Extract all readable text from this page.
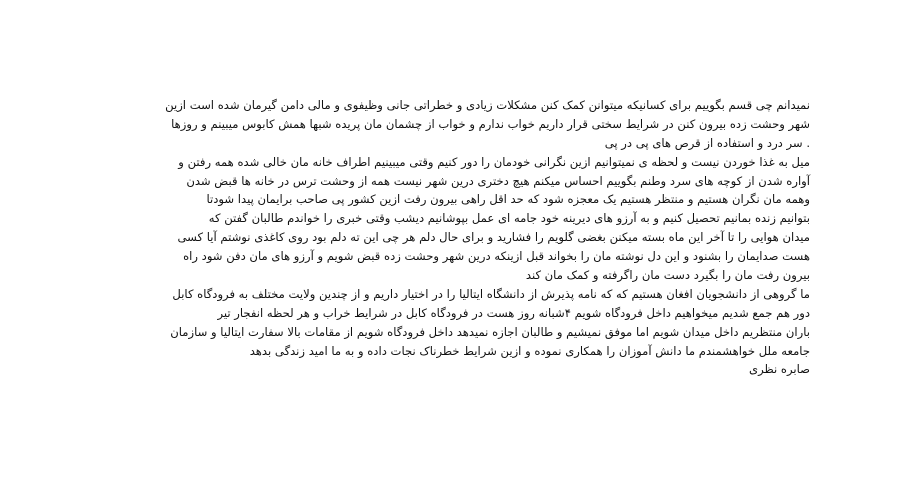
نمیدانم چی قسم بگوییم برای کسانیکه میتوانن کمک کنن مشکلات زیادی و خطراتی جانی وظیفوی و مالی دامن گیرمان شده است ازین
شهر وحشت زده بیرون کنن در شرایط سختی قرار داریم خواب ندارم و خواب از چشمان مان پریده شبها همش کابوس میبینم و روزها
. سر درد و استفاده از قرص های پی در پی
میل به غذا خوردن نیست و لحظه ی نمیتوانیم ازین نگرانی خودمان را دور کنیم وقتی میبینیم اطراف خانه مان خالی شده همه رفتن و
آواره شدن از کوچه های سرد وطنم بگوییم احساس میکنم هیچ دختری درین شهر نیست همه از وحشت ترس در خانه ها قبض شدن
وهمه مان نگران هستیم و منتظر هستیم یک معجزه شود که حد اقل راهی بیرون رفت ازین کشور پی صاحب برایمان پیدا شودتا
بتوانیم زنده بمانیم تحصیل کنیم و به آرزو های دیرینه خود جامه ای عمل بپوشانیم دیشب وقتی خبری را خواندم طالبان گفتن که
میدان هوایی را تا آخر این ماه بسته میکنن بغضی گلویم را فشارید و برای حال دلم هر چی این ته دلم بود روی کاغذی نوشتم آیا کسی
هست صدایمان را بشنود و این دل نوشته مان را بخواند قبل ازینکه درین شهر وحشت زده قبض شویم و آرزو های مان دفن شود راه
بیرون رفت مان را بگیرد دست مان راگرفته و کمک مان کند
ما گروهی از دانشجویان افغان هستیم که که نامه پذیرش از دانشگاه ایتالیا را در اختیار داریم و از چندین ولایت مختلف به فرودگاه کابل
دور هم جمع شدیم میخواهیم داخل فرودگاه شویم ۴شبانه روز هست در فرودگاه کابل در شرایط خراب و هر لحظه انفجار تیر
باران منتظریم داخل میدان شویم اما موفق نمیشیم و طالبان اجازه نمیدهد داخل فرودگاه شویم از مقامات بالا سفارت ایتالیا و سازمان
جامعه ملل خواهشمندم ما دانش آموزان را همکاری نموده و ازین شرایط خطرناک نجات داده و به ما امید زندگی بدهد
صابره نظری
